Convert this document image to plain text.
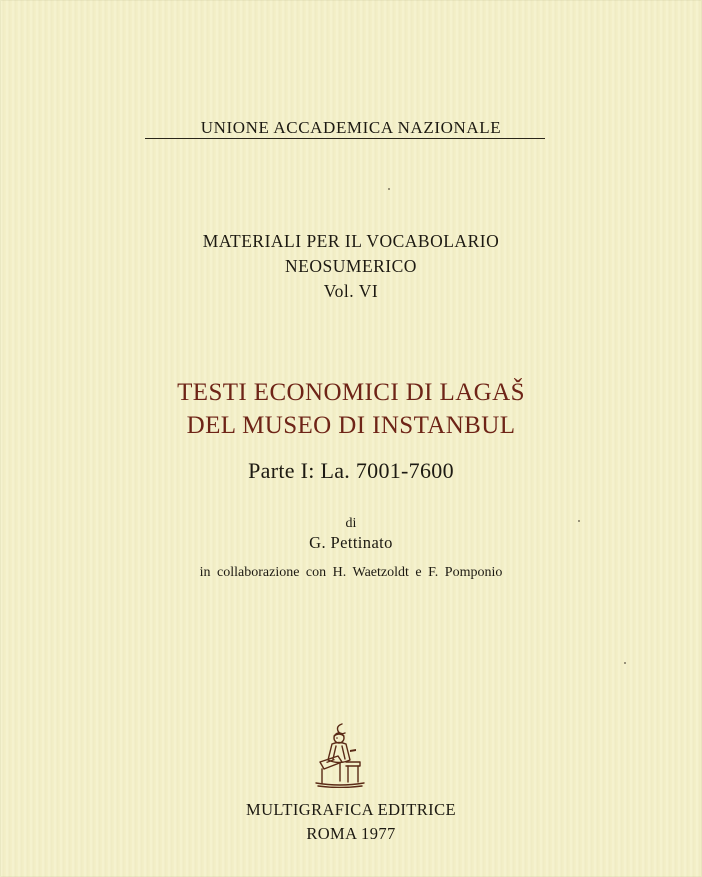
UNIONE ACCADEMICA NAZIONALE
MATERIALI PER IL VOCABOLARIO
NEOSUMERICO
Vol. VI
TESTI ECONOMICI DI LAGAŠ
DEL MUSEO DI INSTANBUL
Parte I: La. 7001-7600
di
G. Pettinato
in collaborazione con H. Waetzoldt e F. Pomponio
MULTIGRAFICA EDITRICE
ROMA 1977
